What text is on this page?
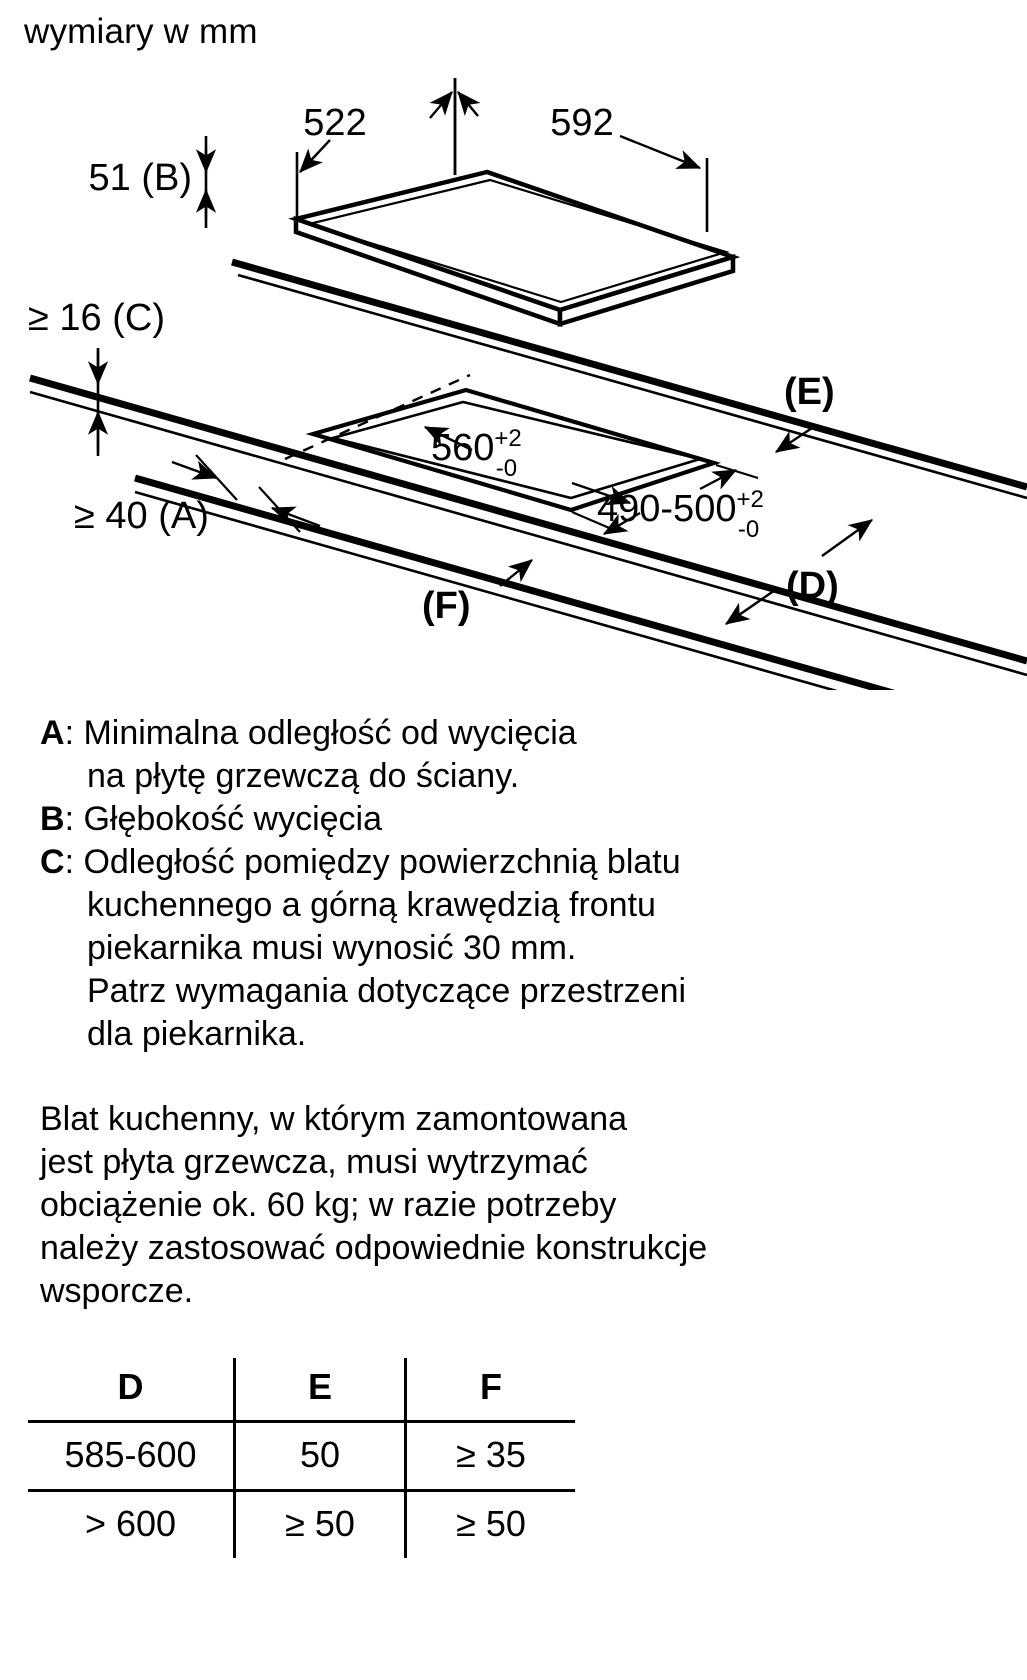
wymiary w mm
522	592
51 (B)
≥ 16 (C)
≥ 40 (A)
$560^{+2}$ -0
$490-500^{+2}$ -0
(E)
(D)
(F)
A: Minimalna odległość od wycięcia
na płytę grzewczą do ściany.
B: Głębokość wycięcia
C: Odległość pomiędzy powierzchnią blatu
kuchennego a górną krawędzią frontu
piekarnika musi wynosić 30 mm.
Patrz wymagania dotyczące przestrzeni
dla piekarnika.
Blat kuchenny, w którym zamontowana
jest płyta grzewcza, musi wytrzymać
obciążenie ok. 60 kg; w razie potrzeby
należy zastosować odpowiednie konstrukcje
wsporcze.
D	E	F
585-600	50	≥ 35
> 600	≥ 50	≥ 50
